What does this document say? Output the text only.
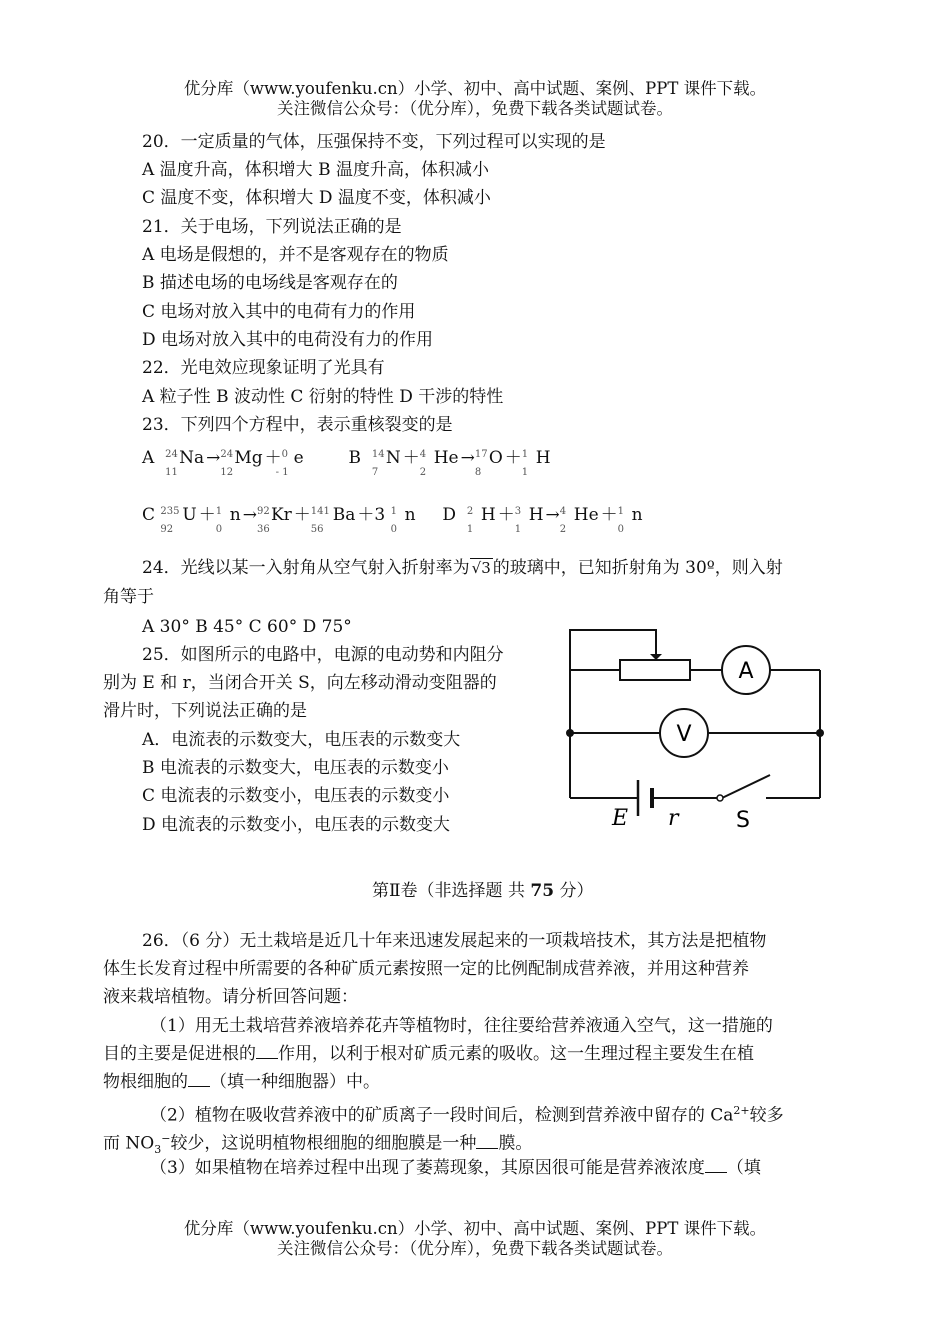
优分库（www.youfenku.cn）小学、初中、高中试题、案例、PPT 课件下载。
关注微信公众号：（优分库），免费下载各类试题试卷。
20．一定质量的气体，压强保持不变，下列过程可以实现的是
A 温度升高，体积增大 B 温度升高，体积减小
C 温度不变，体积增大 D 温度不变，体积减小
21．关于电场，下列说法正确的是
A 电场是假想的，并不是客观存在的物质
B 描述电场的电场线是客观存在的
C 电场对放入其中的电荷有力的作用
D 电场对放入其中的电荷没有力的作用
22．光电效应现象证明了光具有
A 粒子性 B 波动性 C 衍射的特性 D 干涉的特性
23．下列四个方程中，表示重核裂变的是
A 24
11
Na → 24
12
Mg ＋ 0
- 1
e	B 14
7
N ＋ 4
2
He → 17
8
O ＋ 1
1
H
C 235
92
U ＋ 1
0
n → 92
36
Kr ＋ 141
56
Ba ＋3 1
0
n D 2
1
H ＋ 3
1
H → 4
2
He ＋ 1
0
n
24．光线以某一入射角从空气射入折射率为 √3 的玻璃中，已知折射角为 30º，则入射
角等于
A 30° B 45° C 60° D 75°
25．如图所示的电路中，电源的电动势和内阻分
别为 E 和 r，当闭合开关 S，向左移动滑动变阻器的
滑片时，下列说法正确的是
A．电流表的示数变大，电压表的示数变大
B 电流表的示数变大，电压表的示数变小
C 电流表的示数变小，电压表的示数变小
D 电流表的示数变小，电压表的示数变大
A
V
E r	S
第Ⅱ卷（非选择题 共 75 分）
26．（6 分）无土栽培是近几十年来迅速发展起来的一项栽培技术，其方法是把植物
体生长发育过程中所需要的各种矿质元素按照一定的比例配制成营养液，并用这种营养
液来栽培植物。请分析回答问题：
（1）用无土栽培营养液培养花卉等植物时，往往要给营养液通入空气，这一措施的
目的主要是促进根的 作用，以利于根对矿质元素的吸收。这一生理过程主要发生在植
物根细胞的 （填一种细胞器）中。
（2）植物在吸收营养液中的矿质离子一段时间后，检测到营养液中留存的 $Ca^{2+}$较多
而 $NO_3^-$较少，这说明植物根细胞的细胞膜是一种 膜。
（3）如果植物在培养过程中出现了萎蔫现象，其原因很可能是营养液浓度 （填
优分库（www.youfenku.cn）小学、初中、高中试题、案例、PPT 课件下载。
关注微信公众号：（优分库），免费下载各类试题试卷。
